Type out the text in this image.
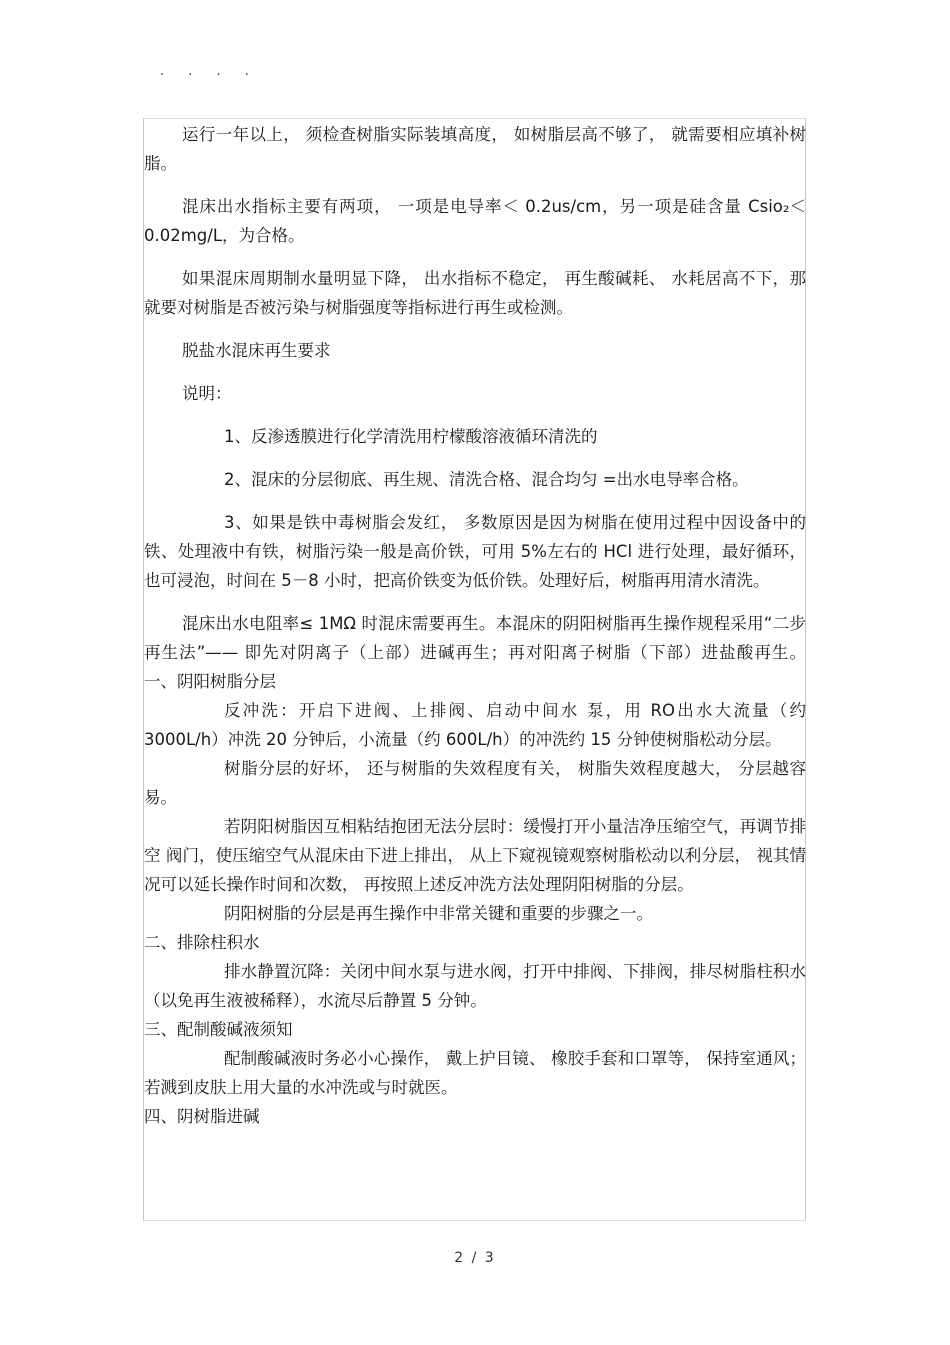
· · · ·

运行一年以上， 须检查树脂实际装填高度， 如树脂层高不够了， 就需要相应填补树脂。

混床出水指标主要有两项， 一项是电导率＜ 0.2us/cm，另一项是硅含量 Csio₂＜0.02mg/L，为合格。

如果混床周期制水量明显下降， 出水指标不稳定， 再生酸碱耗、 水耗居高不下，那就要对树脂是否被污染与树脂强度等指标进行再生或检测。

脱盐水混床再生要求

说明：

1、反渗透膜进行化学清洗用柠檬酸溶液循环清洗的

2、混床的分层彻底、再生规、清洗合格、混合均匀 =出水电导率合格。

3、如果是铁中毒树脂会发红， 多数原因是因为树脂在使用过程中因设备中的铁、处理液中有铁，树脂污染一般是高价铁，可用 5%左右的 HCl 进行处理，最好循环，也可浸泡，时间在 5－8 小时，把高价铁变为低价铁。处理好后，树脂再用清水清洗。

混床出水电阻率≤ 1MΩ 时混床需要再生。本混床的阴阳树脂再生操作规程采用“二步再生法”—— 即先对阴离子（上部）进碱再生；再对阳离子树脂（下部）进盐酸再生。 一、阴阳树脂分层

反冲洗：开启下进阀、上排阀、启动中间水 泵，用 RO出水大流量（约 3000L/h）冲洗 20 分钟后，小流量（约 600L/h）的冲洗约 15 分钟使树脂松动分层。

树脂分层的好坏， 还与树脂的失效程度有关， 树脂失效程度越大， 分层越容易。

若阴阳树脂因互相粘结抱团无法分层时：缓慢打开小量洁净压缩空气，再调节排空 阀门，使压缩空气从混床由下进上排出， 从上下窥视镜观察树脂松动以利分层， 视其情况可以延长操作时间和次数， 再按照上述反冲洗方法处理阴阳树脂的分层。

阴阳树脂的分层是再生操作中非常关键和重要的步骤之一。

二、排除柱积水

排水静置沉降：关闭中间水泵与进水阀，打开中排阀、下排阀，排尽树脂柱积水（以免再生液被稀释），水流尽后静置 5 分钟。

三、配制酸碱液须知

配制酸碱液时务必小心操作， 戴上护目镜、 橡胶手套和口罩等， 保持室通风；若溅到皮肤上用大量的水冲洗或与时就医。

四、阴树脂进碱

2 / 3
